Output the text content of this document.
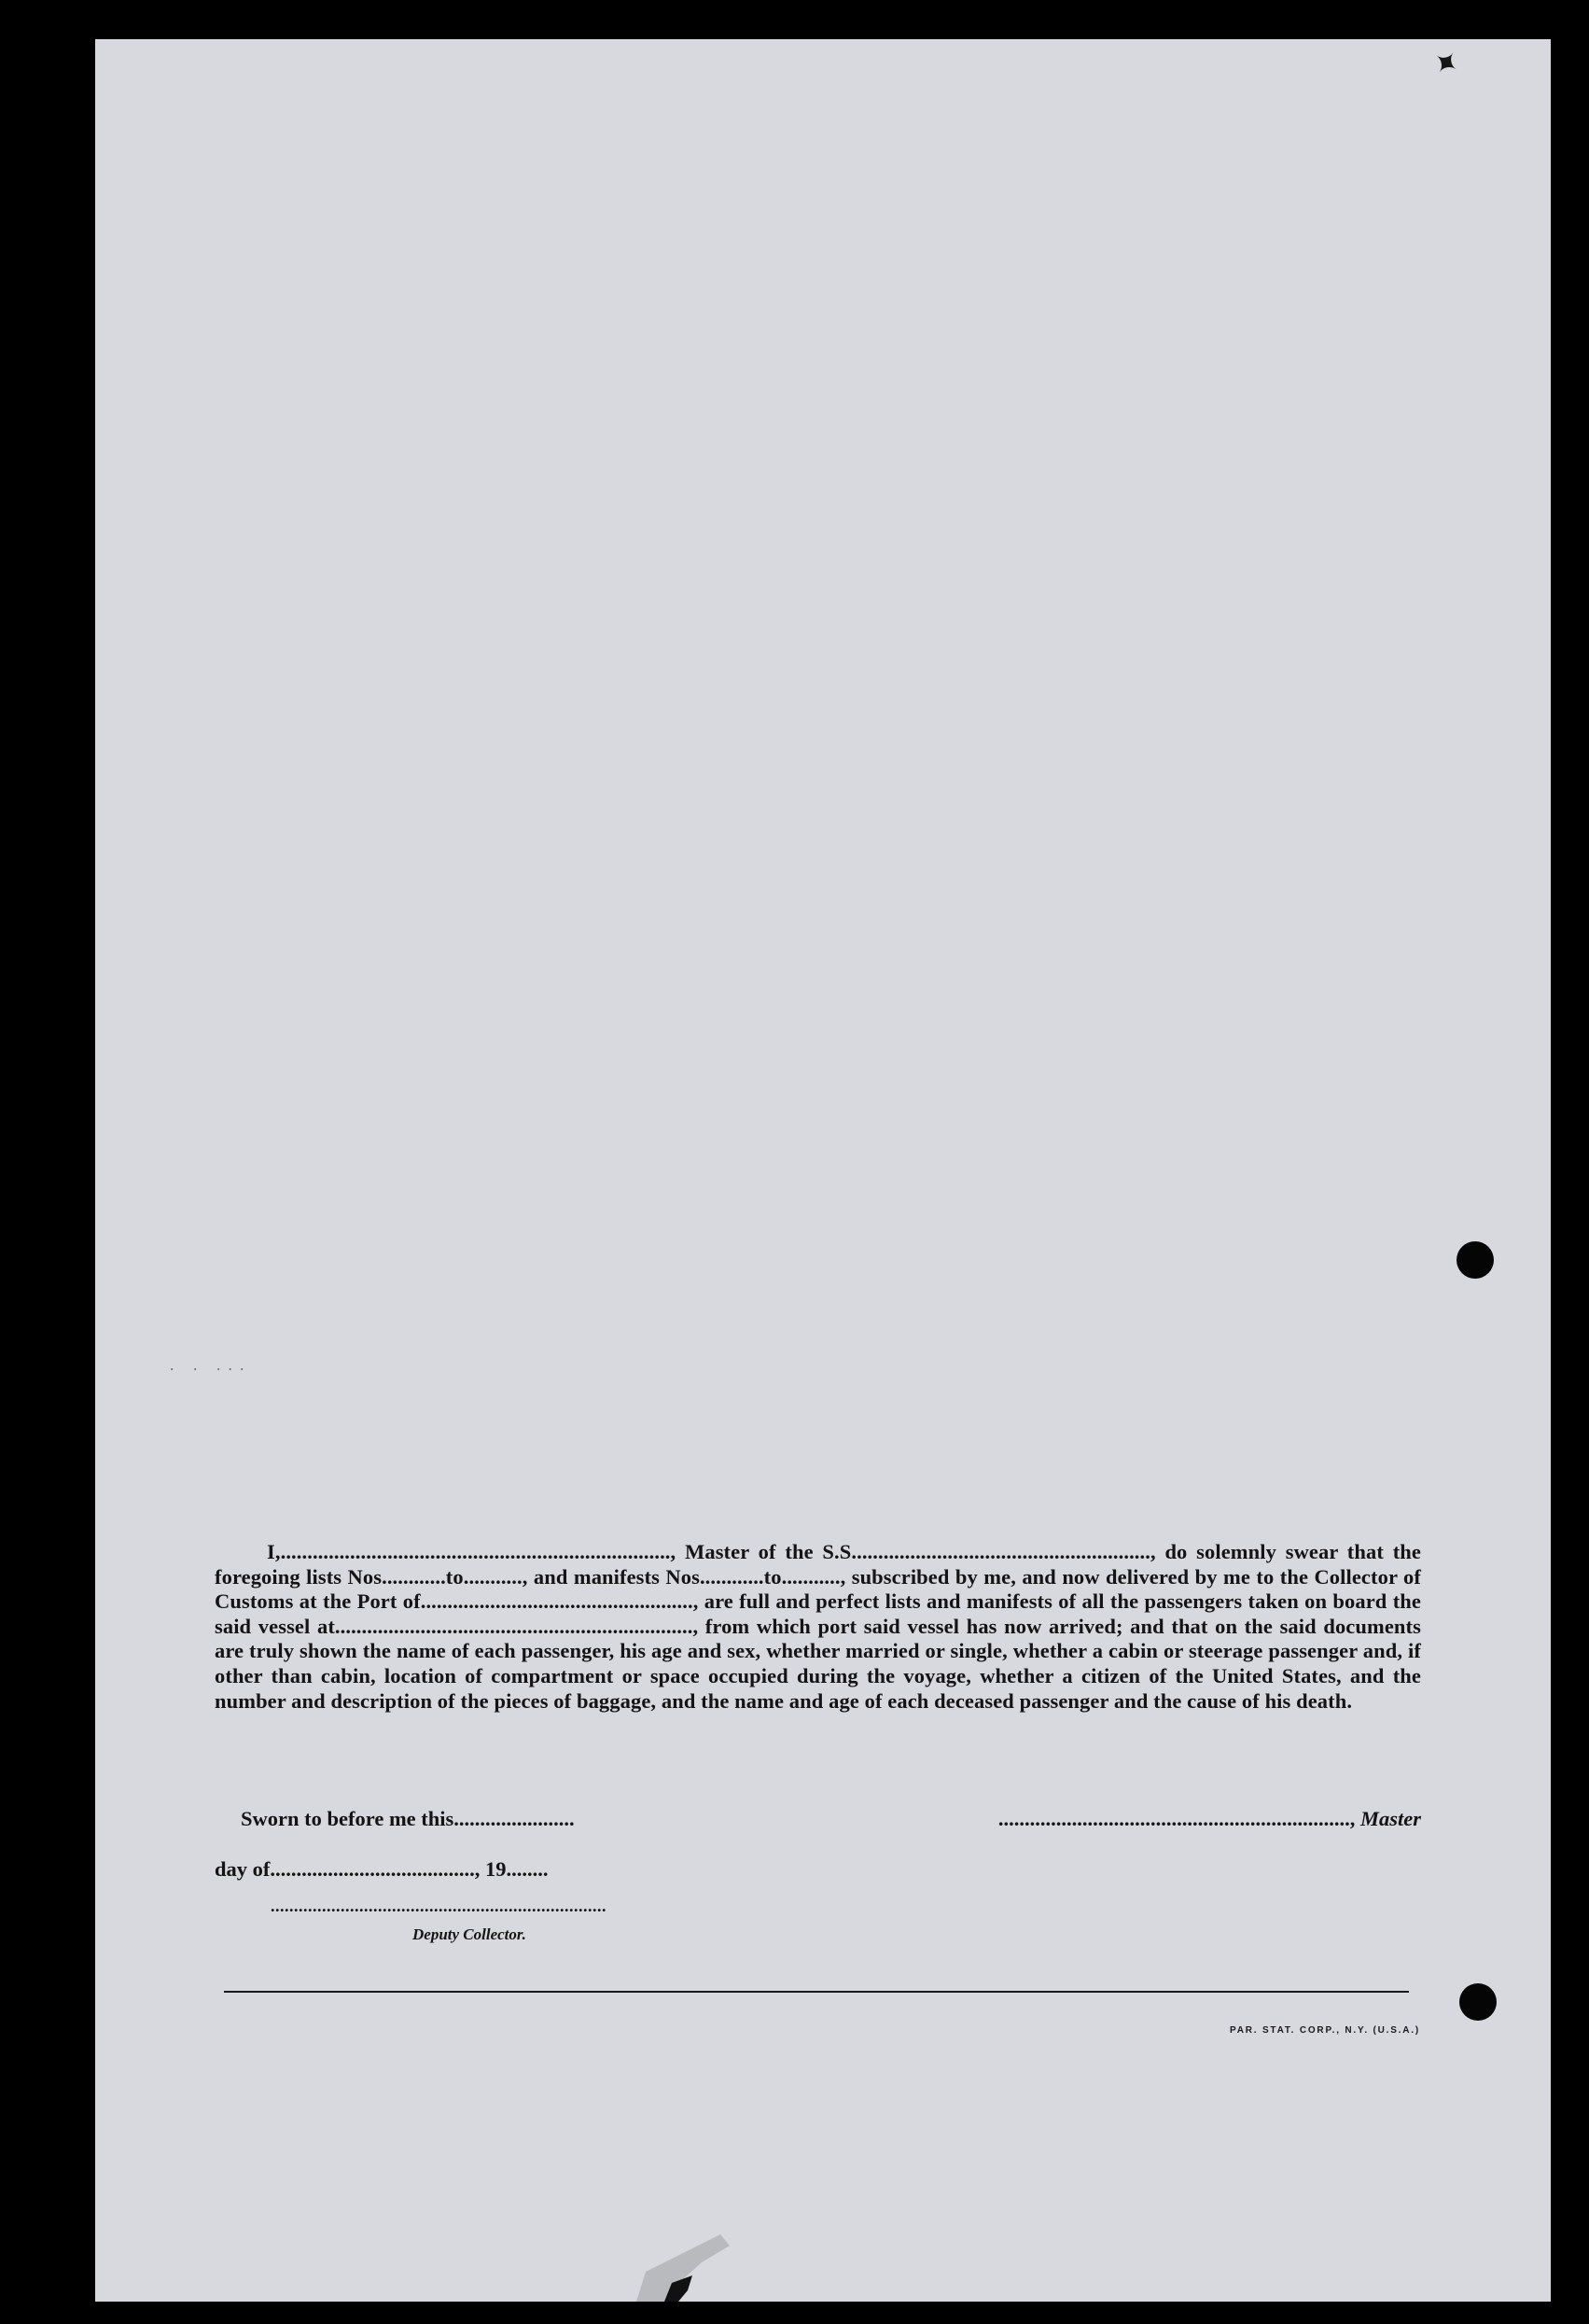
✦
∙ ∙ ∙∙∙
I,........................................................................., Master of the S.S........................................................, do solemnly swear that the foregoing lists Nos............to..........., and manifests Nos............to..........., subscribed by me, and now delivered by me to the Collector of Customs at the Port of..................................................., are full and perfect lists and manifests of all the passengers taken on board the said vessel at..................................................................., from which port said vessel has now arrived; and that on the said documents are truly shown the name of each passenger, his age and sex, whether married or single, whether a cabin or steerage passenger and, if other than cabin, location of compartment or space occupied during the voyage, whether a citizen of the United States, and the number and description of the pieces of baggage, and the name and age of each deceased passenger and the cause of his death.
Sworn to before me this.......................	..................................................................., Master
day of......................................., 19........
........................................................................
Deputy Collector.
PAR. STAT. CORP., N.Y. (U.S.A.)
